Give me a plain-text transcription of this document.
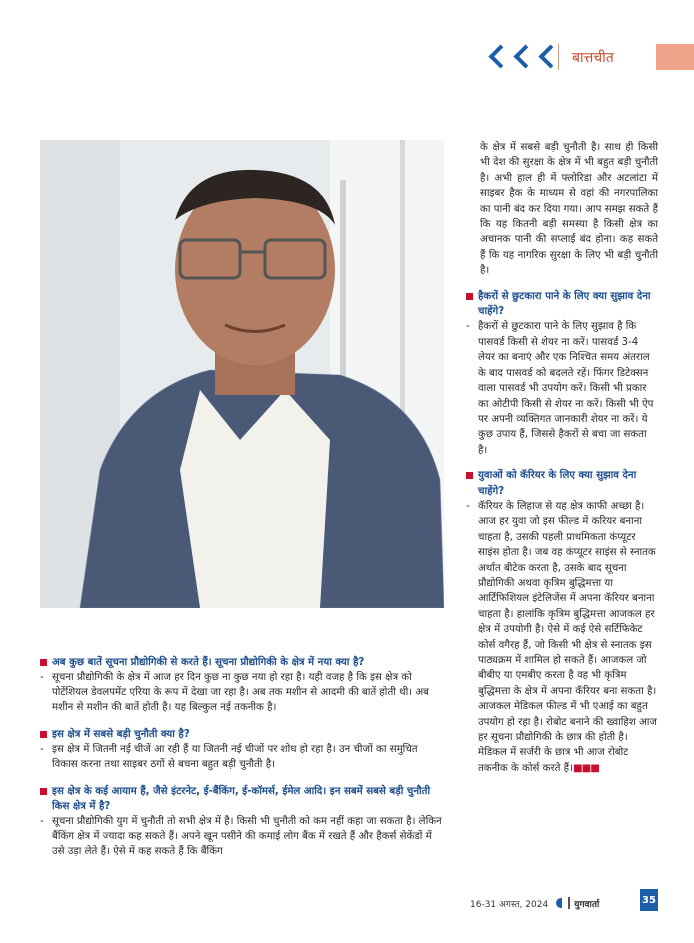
बात्तचीत
अब कुछ बातें सूचना प्रौद्योगिकी से करते हैं। सूचना प्रौद्योगिकी के क्षेत्र में नया क्या है?
- सूचना प्रौद्योगिकी के क्षेत्र में आज हर दिन कुछ ना कुछ नया हो रहा है। यही वजह है कि इस क्षेत्र को पोटेंशियल डेवलपमेंट एरिया के रूप में देखा जा रहा है। अब तक मशीन से आदमी की बातें होती थी। अब मशीन से मशीन की बातें होती है। यह बिल्कुल नई तकनीक है।
इस क्षेत्र में सबसे बड़ी चुनौती क्या है?
- इस क्षेत्र में जितनी नई चीजें आ रही हैं या जितनी नई चीजों पर शोध हो रहा है। उन चीजों का समुचित विकास करना तथा साइबर ठगों से बचना बहुत बड़ी चुनौती है।
इस क्षेत्र के कई आयाम हैं, जैसे इंटरनेट, ई-बैंकिंग, ई-कॉमर्स, ईमेल आदि। इन सबमें सबसे बड़ी चुनौती किस क्षेत्र में है?
- सूचना प्रौद्योगिकी युग में चुनौती तो सभी क्षेत्र में है। किसी भी चुनौती को कम नहीं कहा जा सकता है। लेकिन बैंकिंग क्षेत्र में ज्यादा कह सकते हैं। अपने खून पसीने की कमाई लोग बैंक में रखते हैं और हैकर्स सेकेंडों में उसे उड़ा लेते हैं। ऐसे में कह सकते हैं कि बैंकिंग
के क्षेत्र में सबसे बड़ी चुनौती है। साथ ही किसी भी देश की सुरक्षा के क्षेत्र में भी बहुत बड़ी चुनौती है। अभी हाल ही में फ्लोरिडा और अटलांटा में साइबर हैक के माध्यम से वहां की नगरपालिका का पानी बंद कर दिया गया। आप समझ सकते हैं कि यह कितनी बड़ी समस्या है किसी क्षेत्र का अचानक पानी की सप्लाई बंद होना। कह सकते हैं कि यह नागरिक सुरक्षा के लिए भी बड़ी चुनौती है।
हैकरों से छुटकारा पाने के लिए क्या सुझाव देना चाहेंगे?
- हैकरों से छुटकारा पाने के लिए सुझाव है कि पासवर्ड किसी से शेयर ना करें। पासवर्ड 3-4 लेयर का बनाएं और एक निश्चित समय अंतराल के बाद पासवर्ड को बदलते रहें। फिंगर डिटेक्सन वाला पासवर्ड भी उपयोग करें। किसी भी प्रकार का ओटीपी किसी से शेयर ना करें। किसी भी ऐप पर अपनी व्यक्तिगत जानकारी शेयर ना करें। ये कुछ उपाय हैं, जिससे हैकरों से बचा जा सकता है।
युवाओं को कॅरियर के लिए क्या सुझाव देना चाहेंगे?
- कॅरियर के लिहाज से यह क्षेत्र काफी अच्छा है। आज हर युवा जो इस फील्ड में करियर बनाना चाहता है, उसकी पहली प्राथमिकता कंप्यूटर साइंस होता है। जब वह कंप्यूटर साइंस से स्नातक अर्थात बीटेक करता है, उसके बाद सूचना प्रौद्योगिकी अथवा कृत्रिम बुद्धिमत्ता या आर्टिफिशियल इंटेलिजेंस में अपना कॅरियर बनाना चाहता है। हालांकि कृत्रिम बुद्धिमत्ता आजकल हर क्षेत्र में उपयोगी है। ऐसे में कई ऐसे सर्टिफिकेट कोर्स वगैरह हैं, जो किसी भी क्षेत्र से स्नातक इस पाठ्यक्रम में शामिल हो सकते हैं। आजकल जो बीबीए या एमबीए करता है वह भी कृत्रिम बुद्धिमत्ता के क्षेत्र में अपना कॅरियर बना सकता है। आजकल मेडिकल फील्ड में भी एआई का बहुत उपयोग हो रहा है। रोबोट बनाने की ख्वाहिश आज हर सूचना प्रौद्योगिकी के छात्र की होती है। मेडिकल में सर्जरी के छात्र भी आज रोबोट तकनीक के कोर्स करते हैं।■■■
16-31 अगस्त, 2024	युगवार्ता	35
